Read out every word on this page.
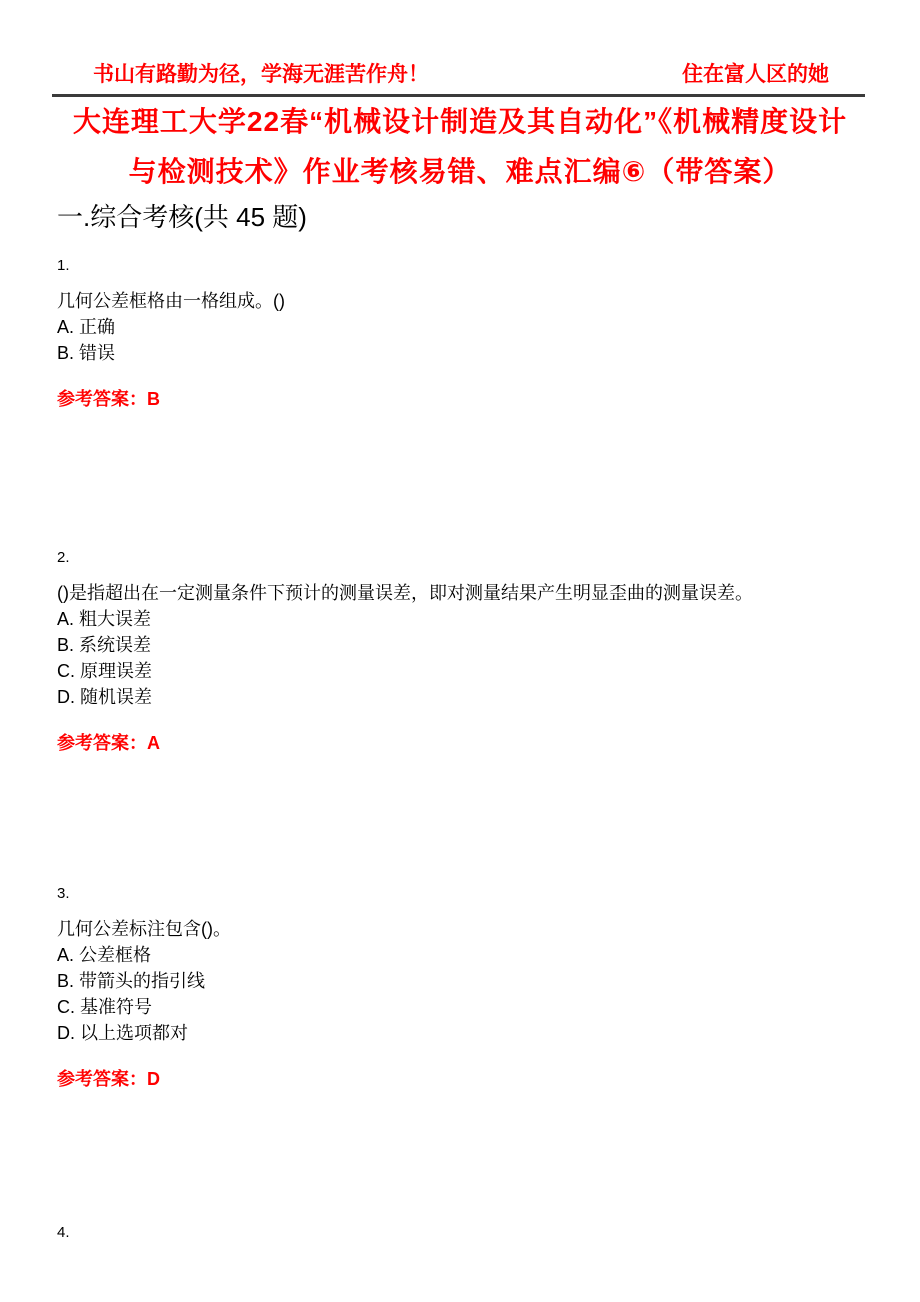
书山有路勤为径，学海无涯苦作舟！	住在富人区的她
大连理工大学22春“机械设计制造及其自动化”《机械精度设计
与检测技术》作业考核易错、难点汇编⑥（带答案）
一.综合考核(共 45 题)
1.
几何公差框格由一格组成。()
A. 正确
B. 错误
参考答案：B
2.
()是指超出在一定测量条件下预计的测量误差，即对测量结果产生明显歪曲的测量误差。
A. 粗大误差
B. 系统误差
C. 原理误差
D. 随机误差
参考答案：A
3.
几何公差标注包含()。
A. 公差框格
B. 带箭头的指引线
C. 基准符号
D. 以上选项都对
参考答案：D
4.
